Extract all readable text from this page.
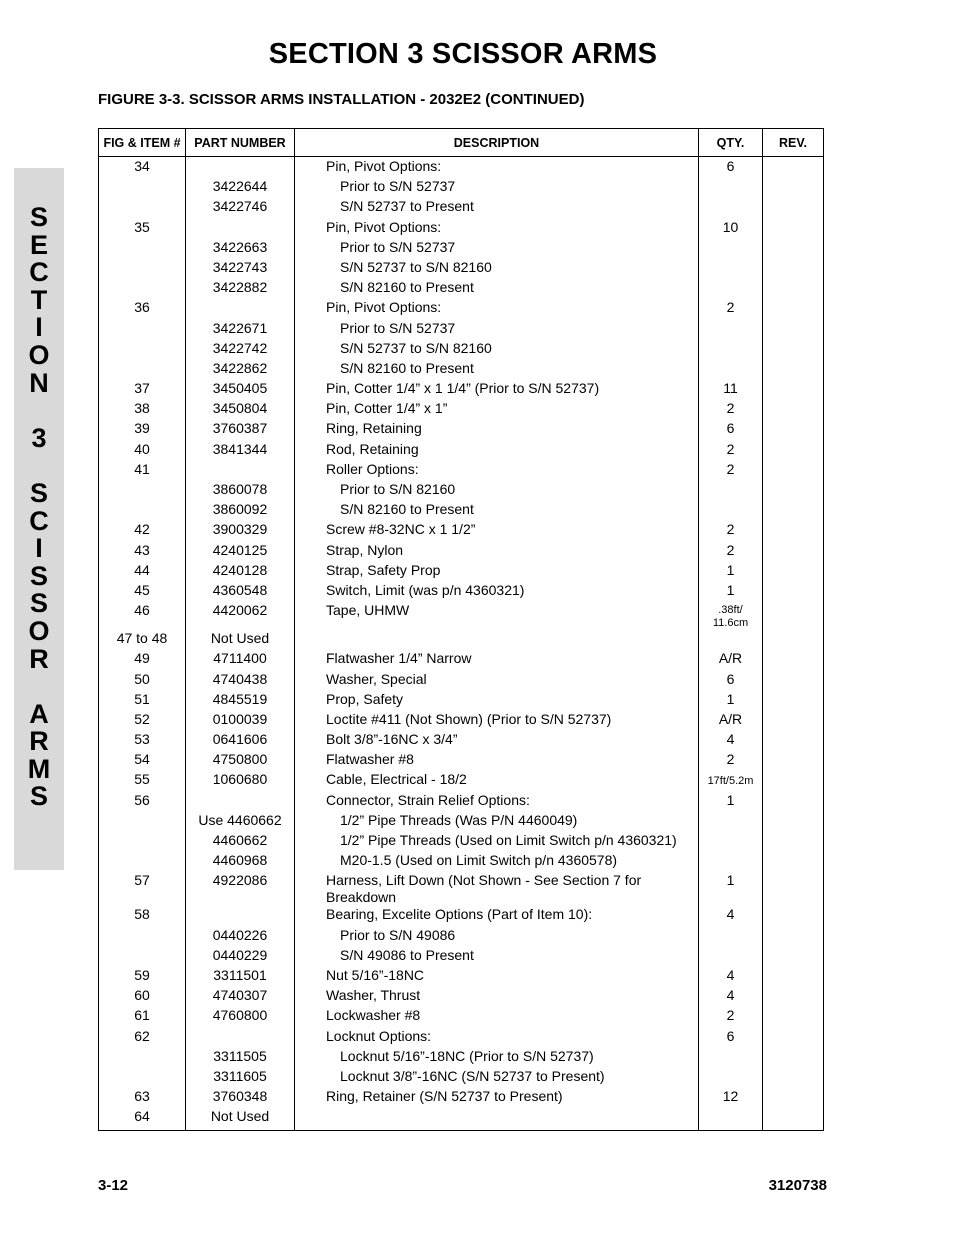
SECTION 3 SCISSOR ARMS
FIGURE 3-3. SCISSOR ARMS INSTALLATION - 2032E2 (CONTINUED)
S
E
C
T
I
O
N
3
S
C
I
S
S
O
R
A
R
M
S
FIG & ITEM #	PART NUMBER	DESCRIPTION	QTY.	REV.
34		Pin, Pivot Options:	6	
	3422644	Prior to S/N 52737		
	3422746	S/N 52737 to Present		
35		Pin, Pivot Options:	10	
	3422663	Prior to S/N 52737		
	3422743	S/N 52737 to S/N 82160		
	3422882	S/N 82160 to Present		
36		Pin, Pivot Options:	2	
	3422671	Prior to S/N 52737		
	3422742	S/N 52737 to S/N 82160		
	3422862	S/N 82160 to Present		
37	3450405	Pin, Cotter 1/4” x 1 1/4” (Prior to S/N 52737)	11	
38	3450804	Pin, Cotter 1/4” x 1”	2	
39	3760387	Ring, Retaining	6	
40	3841344	Rod, Retaining	2	
41		Roller Options:	2	
	3860078	Prior to S/N 82160		
	3860092	S/N 82160 to Present		
42	3900329	Screw #8-32NC x 1 1/2”	2	
43	4240125	Strap, Nylon	2	
44	4240128	Strap, Safety Prop	1	
45	4360548	Switch, Limit (was p/n 4360321)	1	
46	4420062	Tape, UHMW	.38ft/
11.6cm	
47 to 48	Not Used			
49	4711400	Flatwasher 1/4” Narrow	A/R	
50	4740438	Washer, Special	6	
51	4845519	Prop, Safety	1	
52	0100039	Loctite #411 (Not Shown) (Prior to S/N 52737)	A/R	
53	0641606	Bolt 3/8”-16NC x 3/4”	4	
54	4750800	Flatwasher #8	2	
55	1060680	Cable, Electrical - 18/2	17ft/5.2m	
56		Connector, Strain Relief Options:	1	
	Use 4460662	1/2” Pipe Threads (Was P/N 4460049)		
	4460662	1/2” Pipe Threads (Used on Limit Switch p/n 4360321)		
	4460968	M20-1.5 (Used on Limit Switch p/n 4360578)		
57	4922086	Harness, Lift Down (Not Shown - See Section 7 for Breakdown	1	
58		Bearing, Excelite Options (Part of Item 10):	4	
	0440226	Prior to S/N 49086		
	0440229	S/N 49086 to Present		
59	3311501	Nut 5/16”-18NC	4	
60	4740307	Washer, Thrust	4	
61	4760800	Lockwasher #8	2	
62		Locknut Options:	6	
	3311505	Locknut 5/16”-18NC (Prior to S/N 52737)		
	3311605	Locknut 3/8”-16NC (S/N 52737 to Present)		
63	3760348	Ring, Retainer (S/N 52737 to Present)	12	
64	Not Used			
3-12	3120738
